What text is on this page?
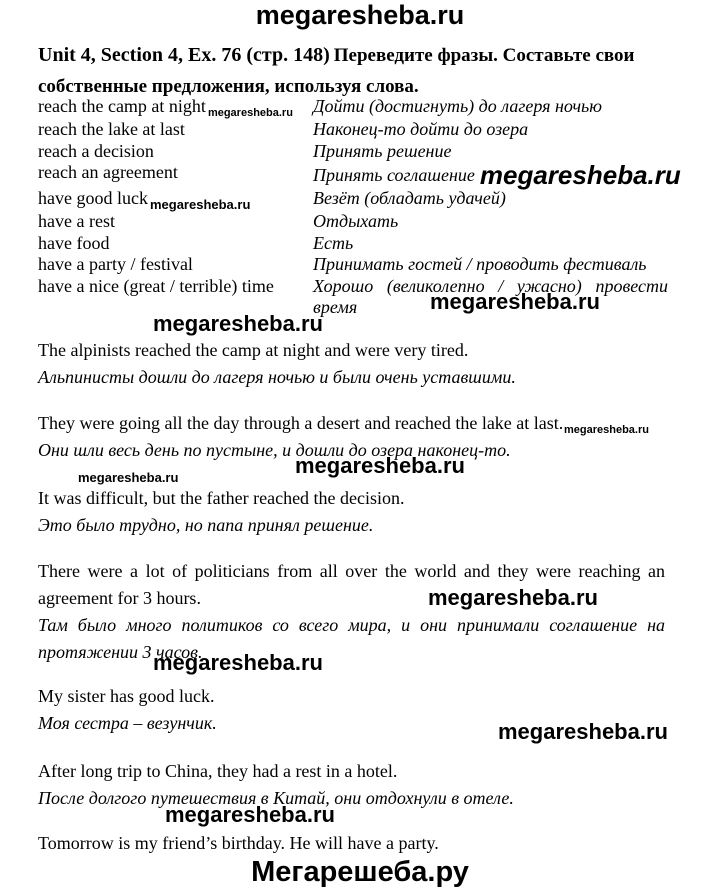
megaresheba.ru
Unit 4, Section 4, Ex. 76 (стр. 148) Переведите фразы. Составьте свои собственные предложения, используя слова.
reach the camp at night $_{megaresheba.ru}$	Дойти (достигнуть) до лагеря ночью
reach the lake at last	Наконец-то дойти до озера
reach a decision	Принять решение
reach an agreement	Принять соглашение megaresheba.ru
have good luck $_{megaresheba.ru}$	Везёт (обладать удачей)
have a rest	Отдыхать
have food	Есть
have a party / festival	Принимать гостей / проводить фестиваль
have a nice (great / terrible) time	Хорошо (великолепно / ужасно) провести время	megaresheba.ru
megaresheba.ru
megaresheba.ru
megaresheba.ru
megaresheba.ru
megaresheba.ru
megaresheba.ru
megaresheba.ru
megaresheba.ru

The alpinists reached the camp at night and were very tired.

Альпинисты дошли до лагеря ночью и были очень уставшими.

They were going all the day through a desert and reached the lake at last.

Они шли весь день по пустыне, и дошли до озера наконец-то.

It was difficult, but the father reached the decision.

Это было трудно, но папа принял решение.

There were a lot of politicians from all over the world and they were reaching an agreement for 3 hours.

Там было много политиков со всего мира, и они принимали соглашение на протяжении 3 часов.

My sister has good luck.

Моя сестра – везунчик.

After long trip to China, they had a rest in a hotel.

После долгого путешествия в Китай, они отдохнули в отеле.

Tomorrow is my friend’s birthday. He will have a party.

Мегарешеба.ру
